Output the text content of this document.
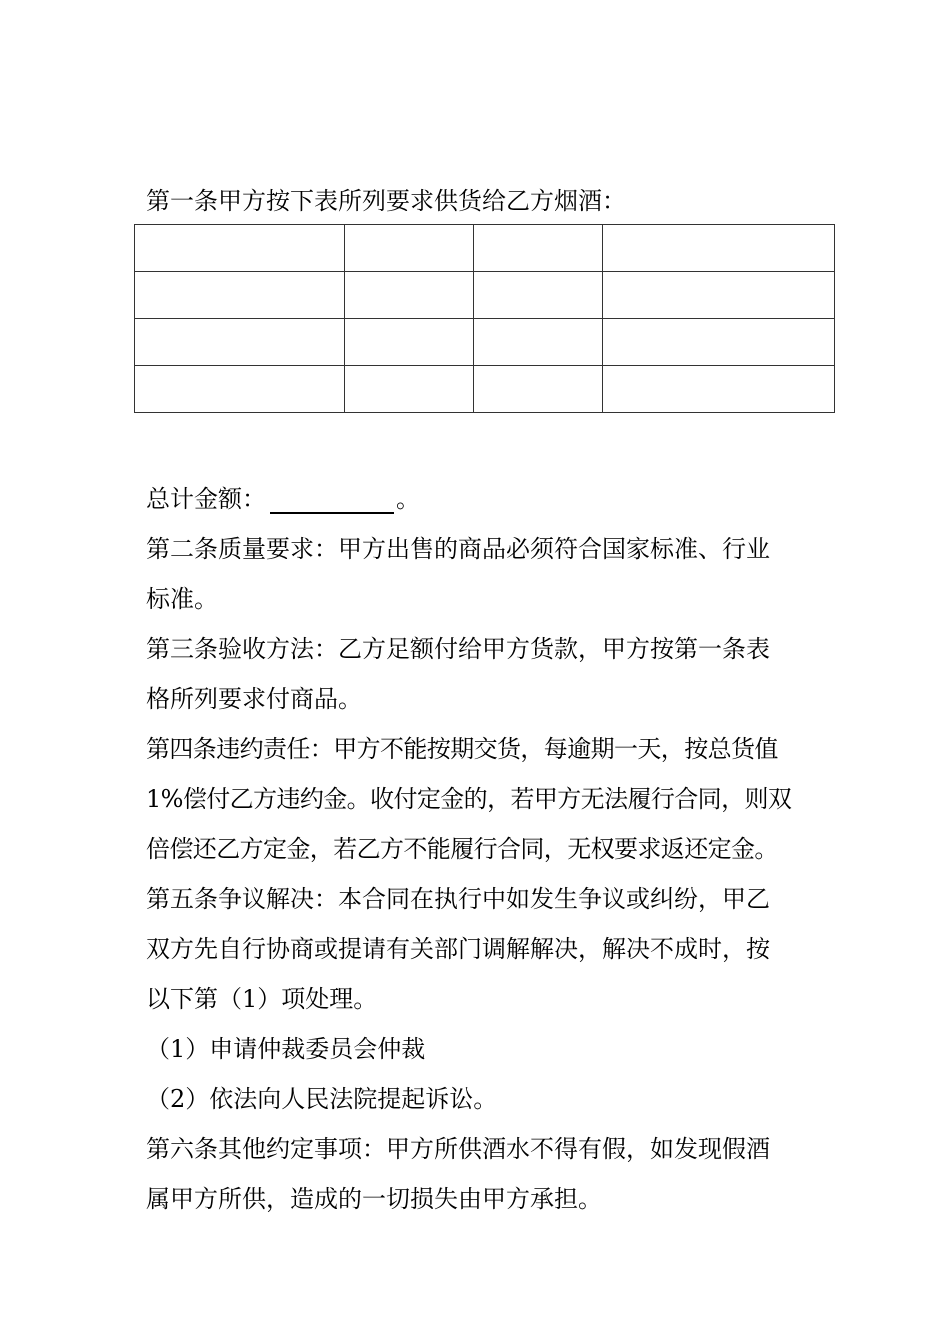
第一条甲方按下表所列要求供货给乙方烟酒：

总计金额：	。
第二条质量要求：甲方出售的商品必须符合国家标准、行业
标准。
第三条验收方法：乙方足额付给甲方货款，甲方按第一条表
格所列要求付商品。
第四条违约责任：甲方不能按期交货，每逾期一天，按总货值
1%偿付乙方违约金。收付定金的，若甲方无法履行合同，则双
倍偿还乙方定金，若乙方不能履行合同，无权要求返还定金。
第五条争议解决：本合同在执行中如发生争议或纠纷，甲乙
双方先自行协商或提请有关部门调解解决，解决不成时，按
以下第（1）项处理。
（1）申请仲裁委员会仲裁
（2）依法向人民法院提起诉讼。
第六条其他约定事项：甲方所供酒水不得有假，如发现假酒
属甲方所供，造成的一切损失由甲方承担。
